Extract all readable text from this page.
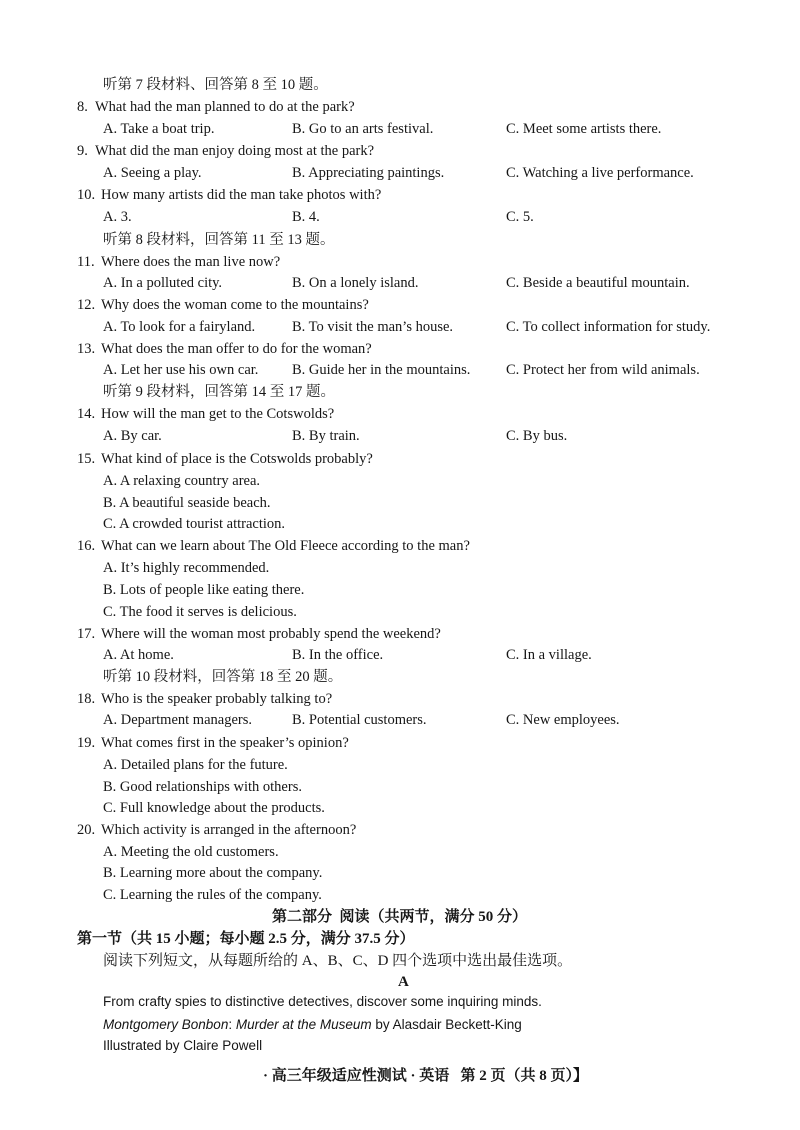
听第 7 段材料、回答第 8 至 10 题。

8.

What had the man planned to do at the park?

A. Take a boat trip.

	B. Go to an arts festival.

	C. Meet some artists there.

9.

What did the man enjoy doing most at the park?

A. Seeing a play.

	B. Appreciating paintings.

	C. Watching a live performance.

10.

How many artists did the man take photos with?

A. 3.

	B. 4.

	C. 5.

听第 8 段材料，回答第 11 至 13 题。

11.

Where does the man live now?

A. In a polluted city.

	B. On a lonely island.

	C. Beside a beautiful mountain.

12.

Why does the woman come to the mountains?

A. To look for a fairyland.

	B. To visit the man’s house.

	C. To collect information for study.

13.

What does the man offer to do for the woman?

A. Let her use his own car.

B. Guide her in the mountains.

C. Protect her from wild animals.

听第 9 段材料，回答第 14 至 17 题。

14.

How will the man get to the Cotswolds?

A. By car.

	B. By train.

	C. By bus.

15.

What kind of place is the Cotswolds probably?

A. A relaxing country area.

B. A beautiful seaside beach.

C. A crowded tourist attraction.

16.

What can we learn about The Old Fleece according to the man?

A. It’s highly recommended.

B. Lots of people like eating there.

C. The food it serves is delicious.

17.

Where will the woman most probably spend the weekend?

A. At home.

	B. In the office.

	C. In a village.

听第 10 段材料，回答第 18 至 20 题。

18.

Who is the speaker probably talking to?

A. Department managers.

	B. Potential customers.

	C. New employees.

19.

What comes first in the speaker’s opinion?

A. Detailed plans for the future.

B. Good relationships with others.

C. Full knowledge about the products.

20.

Which activity is arranged in the afternoon?

A. Meeting the old customers.

B. Learning more about the company.

C. Learning the rules of the company.

第二部分  阅读（共两节，满分 50 分）

第一节（共 15 小题；每小题 2.5 分，满分 37.5 分）

阅读下列短文，从每题所给的 A、B、C、D 四个选项中选出最佳选项。

A

From crafty spies to distinctive detectives, discover some inquiring minds.

Montgomery Bonbon: Murder at the Museum by Alasdair Beckett-King

Illustrated by Claire Powell

· 高三年级适应性测试 · 英语 第 2 页（共 8 页）】
